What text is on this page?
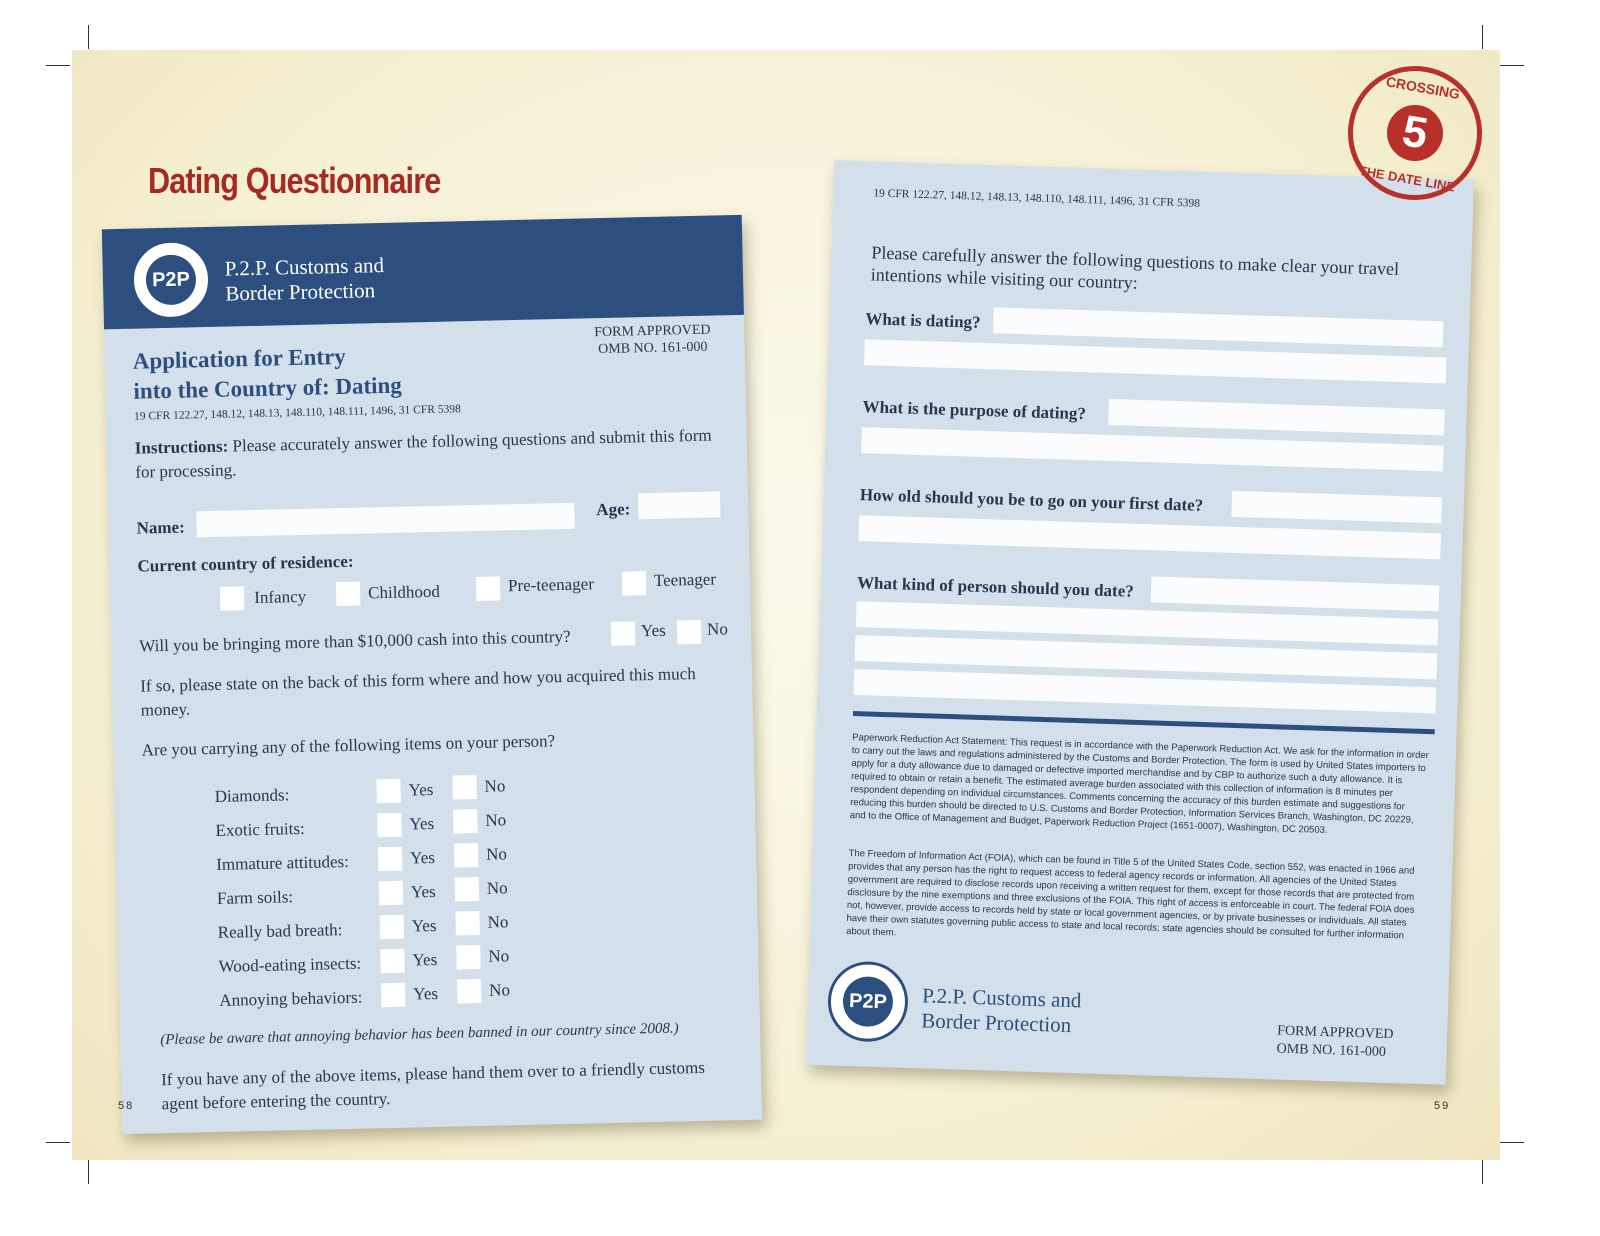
Dating Questionnaire
P2P	P.2.P. Customs and
Border Protection
Application for Entry
into the Country of: Dating
FORM APPROVED
OMB NO. 161-000
19 CFR 122.27, 148.12, 148.13, 148.110, 148.111, 1496, 31 CFR 5398
Instructions: Please accurately answer the following questions and submit this form for processing.
Name:
Age:
Current country of residence:
Infancy	Childhood	Pre-teenager	Teenager
Will you be bringing more than $10,000 cash into this country?	Yes No
If so, please state on the back of this form where and how you acquired this much money.
Are you carrying any of the following items on your person?
Diamonds:	Yes	No
Exotic fruits:	Yes	No
Immature attitudes:	Yes	No
Farm soils:	Yes	No
Really bad breath:	Yes	No
Wood-eating insects:	Yes	No
Annoying behaviors:	Yes	No
(Please be aware that annoying behavior has been banned in our country since 2008.)
If you have any of the above items, please hand them over to a friendly customs agent before entering the country.
19 CFR 122.27, 148.12, 148.13, 148.110, 148.111, 1496, 31 CFR 5398
Please carefully answer the following questions to make clear your travel intentions while visiting our country:
What is dating?
What is the purpose of dating?
How old should you be to go on your first date?
What kind of person should you date?
Paperwork Reduction Act Statement: This request is in accordance with the Paperwork Reduction Act. We ask for the information in order to carry out the laws and regulations administered by the Customs and Border Protection. The form is used by United States importers to apply for a duty allowance due to damaged or defective imported merchandise and by CBP to authorize such a duty allowance. It is required to obtain or retain a benefit. The estimated average burden associated with this collection of information is 8 minutes per respondent depending on individual circumstances. Comments concerning the accuracy of this burden estimate and suggestions for reducing this burden should be directed to U.S. Customs and Border Protection, Information Services Branch, Washington, DC 20229, and to the Office of Management and Budget, Paperwork Reduction Project (1651-0007), Washington, DC 20503.
The Freedom of Information Act (FOIA), which can be found in Title 5 of the United States Code, section 552, was enacted in 1966 and provides that any person has the right to request access to federal agency records or information. All agencies of the United States government are required to disclose records upon receiving a written request for them, except for those records that are protected from disclosure by the nine exemptions and three exclusions of the FOIA. This right of access is enforceable in court. The federal FOIA does not, however, provide access to records held by state or local government agencies, or by private businesses or individuals. All states have their own statutes governing public access to state and local records; state agencies should be consulted for further information about them.
P2P	P.2.P. Customs and
Border Protection	FORM APPROVED
OMB NO. 161-000
CROSSING
5
THE DATE LINE
58	59
